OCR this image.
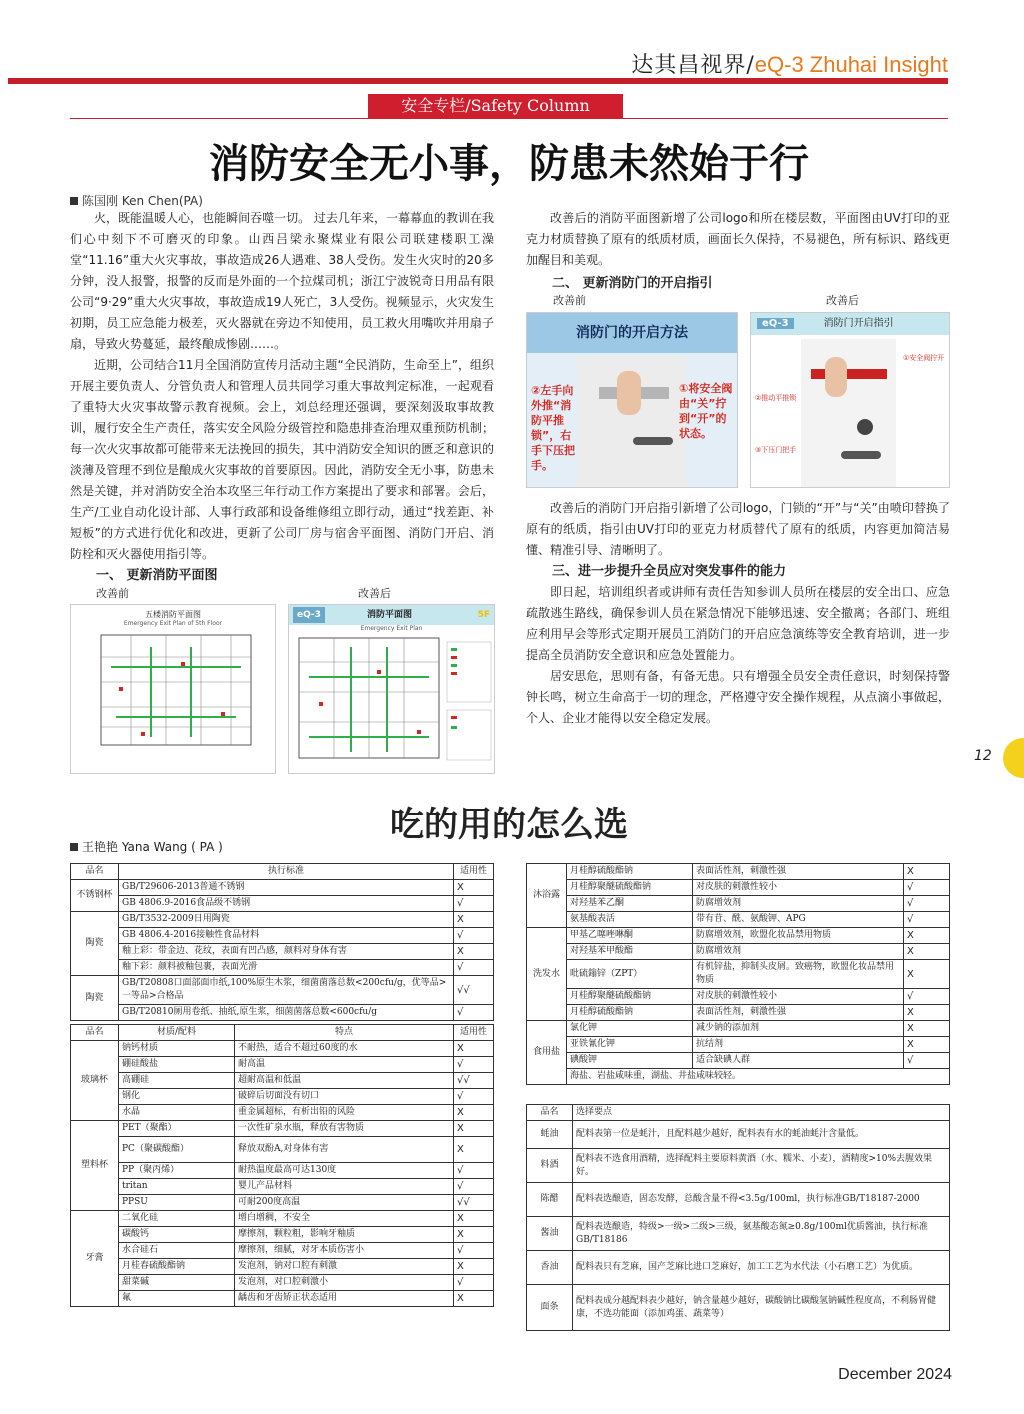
达其昌视界/eQ-3 Zhuhai Insight
安全专栏/Safety Column
消防安全无小事，防患未然始于行
陈国刚 Ken Chen(PA)

火，既能温暖人心，也能瞬间吞噬一切。 过去几年来，一幕幕血的教训在我们心中刻下不可磨灭的印象。山西吕梁永聚煤业有限公司联建楼职工澡堂“11.16”重大火灾事故，事故造成26人遇难、38人受伤。发生火灾时的20多分钟，没人报警，报警的反而是外面的一个拉煤司机；浙江宁波锐奇日用品有限公司“9·29”重大火灾事故，事故造成19人死亡，3人受伤。视频显示，火灾发生初期，员工应急能力极差，灭火器就在旁边不知使用，员工救火用嘴吹并用扇子扇，导致火势蔓延，最终酿成惨剧……。

近期，公司结合11月全国消防宣传月活动主题“全民消防，生命至上”，组织开展主要负责人、分管负责人和管理人员共同学习重大事故判定标准，一起观看了重特大火灾事故警示教育视频。会上，刘总经理还强调，要深刻汲取事故教训，履行安全生产责任，落实安全风险分级管控和隐患排查治理双重预防机制；每一次火灾事故都可能带来无法挽回的损失，其中消防安全知识的匮乏和意识的淡薄及管理不到位是酿成火灾事故的首要原因。因此，消防安全无小事，防患未然是关键，并对消防安全治本攻坚三年行动工作方案提出了要求和部署。会后，生产/工业自动化设计部、人事行政部和设备维修组立即行动，通过“找差距、补短板”的方式进行优化和改进，更新了公司厂房与宿舍平面图、消防门开启、消防栓和灭火器使用指引等。

一、 更新消防平面图
改善前	改善后
五楼消防平面图
Emergency Exit Plan of 5th Floor
eQ-3	消防平面图	5F
Emergency Exit Plan

改善后的消防平面图新增了公司logo和所在楼层数，平面图由UV打印的亚克力材质替换了原有的纸质材质，画面长久保持，不易褪色，所有标识、路线更加醒目和美观。

二、 更新消防门的开启指引
改善前	改善后
消防门的开启方法
②左手向外推“消防平推锁”，右手下压把手。
①将安全阀由“关”拧到“开”的状态。
eQ-3	消防门开启指引
①安全阀拧开
②推动平推锁
③下压门把手

改善后的消防门开启指引新增了公司logo，门锁的“开”与“关”由喷印替换了原有的纸质，指引由UV打印的亚克力材质替代了原有的纸质，内容更加简洁易懂、精准引导、清晰明了。

三、进一步提升全员应对突发事件的能力

即日起，培训组织者或讲师有责任告知参训人员所在楼层的安全出口、应急疏散逃生路线，确保参训人员在紧急情况下能够迅速、安全撤离；各部门、班组应利用早会等形式定期开展员工消防门的开启应急演练等安全教育培训，进一步提高全员消防安全意识和应急处置能力。

居安思危，思则有备，有备无患。只有增强全员安全责任意识，时刻保持警钟长鸣，树立生命高于一切的理念，严格遵守安全操作规程，从点滴小事做起，个人、企业才能得以安全稳定发展。

12
吃的用的怎么选
王艳艳 Yana Wang ( PA )
品名	执行标准	适用性
不锈钢杯	GB/T29606-2013普通不锈钢	X
	GB 4806.9-2016食品级不锈钢	√
陶瓷	GB/T3532-2009日用陶瓷	X
	GB 4806.4-2016接触性食品材料	√
	釉上彩：带金边、花纹，表面有凹凸感，颜料对身体有害	X
	釉下彩：颜料被釉包裹，表面光滑	√
陶瓷	GB/T20808口面部面巾纸,100%原生木浆，细菌菌落总数<200cfu/g，优等品>一等品>合格品	√√
	GB/T20810厕用卷纸、抽纸,原生浆，细菌菌落总数<600cfu/g	√
品名	材质/配料	特点	适用性
玻璃杯	钠钙材质	不耐热，适合不超过60度的水	X
	硼硅酸盐	耐高温	√
	高硼硅	超耐高温和低温	√√
	钢化	破碎后切面没有切口	√
	水晶	重金属超标，有析出铅的风险	X
塑料杯	PET（聚酯）	一次性矿泉水瓶，释放有害物质	X
	PC（聚碳酸酯）	释放双酚A,对身体有害	X
	PP（聚丙烯）	耐热温度最高可达130度	√
	tritan	婴儿产品材料	√
	PPSU	可耐200度高温	√√
牙膏	二氧化硅	增白增稠，不安全	X
	碳酸钙	摩擦剂，颗粒粗，影响牙釉质	X
	水合硅石	摩擦剂，细腻，对牙本质伤害小	√
	月桂春硫酸酯钠	发泡剂，钠对口腔有刺激	X
	甜菜碱	发泡剂，对口腔刺激小	√
	氟	龋齿和牙齿矫正状态适用	X
沐浴露	月桂醇硫酸酯钠	表面活性剂，刺激性强	X
	月桂醇聚醚硫酸酯钠	对皮肤的刺激性较小	√
	对羟基苯乙酮	防腐增效剂	√
	氨基酸表活	带有苷、酰、氨酸钾、APG	√
洗发水	甲基乙噻唑啉酮	防腐增效剂，欧盟化妆品禁用物质	X
	对羟基苯甲酸酯	防腐增效剂	X
	吡硫鎓锌（ZPT）	有机锌盐，抑制头皮屑。致癌物，欧盟化妆品禁用物质	X
	月桂醇聚醚硫酸酯钠	对皮肤的刺激性较小	√
	月桂醇硫酸酯钠	表面活性剂，刺激性强	X
食用盐	氯化钾	减少钠的添加剂	X
	亚铁氰化钾	抗结剂	X
	碘酸钾	适合缺碘人群	√
	海盐、岩盐咸味重，湖盐、井盐咸味较轻。		
品名	选择要点
蚝油	配料表第一位是蚝汁，且配料越少越好，配料表有水的蚝油蚝汁含量低。
料酒	配料表不选食用酒精，选择配料主要原料黄酒（水、糯米、小麦），酒精度>10%去腥效果好。
陈醋	配料表选酿造，固态发酵，总酸含量不得<3.5g/100ml，执行标准GB/T18187-2000
酱油	配料表选酿造，特级>一级>二级>三级，氨基酸态氮≥0.8g/100ml优质酱油，执行标准GB/T18186
香油	配料表只有芝麻，国产芝麻比进口芝麻好，加工工艺为水代法（小石磨工艺）为优质。
面条	配料表成分越配料表少越好，钠含量越少越好，碳酸钠比碳酸氢钠碱性程度高，不利肠胃健康，不选功能面（添加鸡蛋、蔬菜等）
December 2024
